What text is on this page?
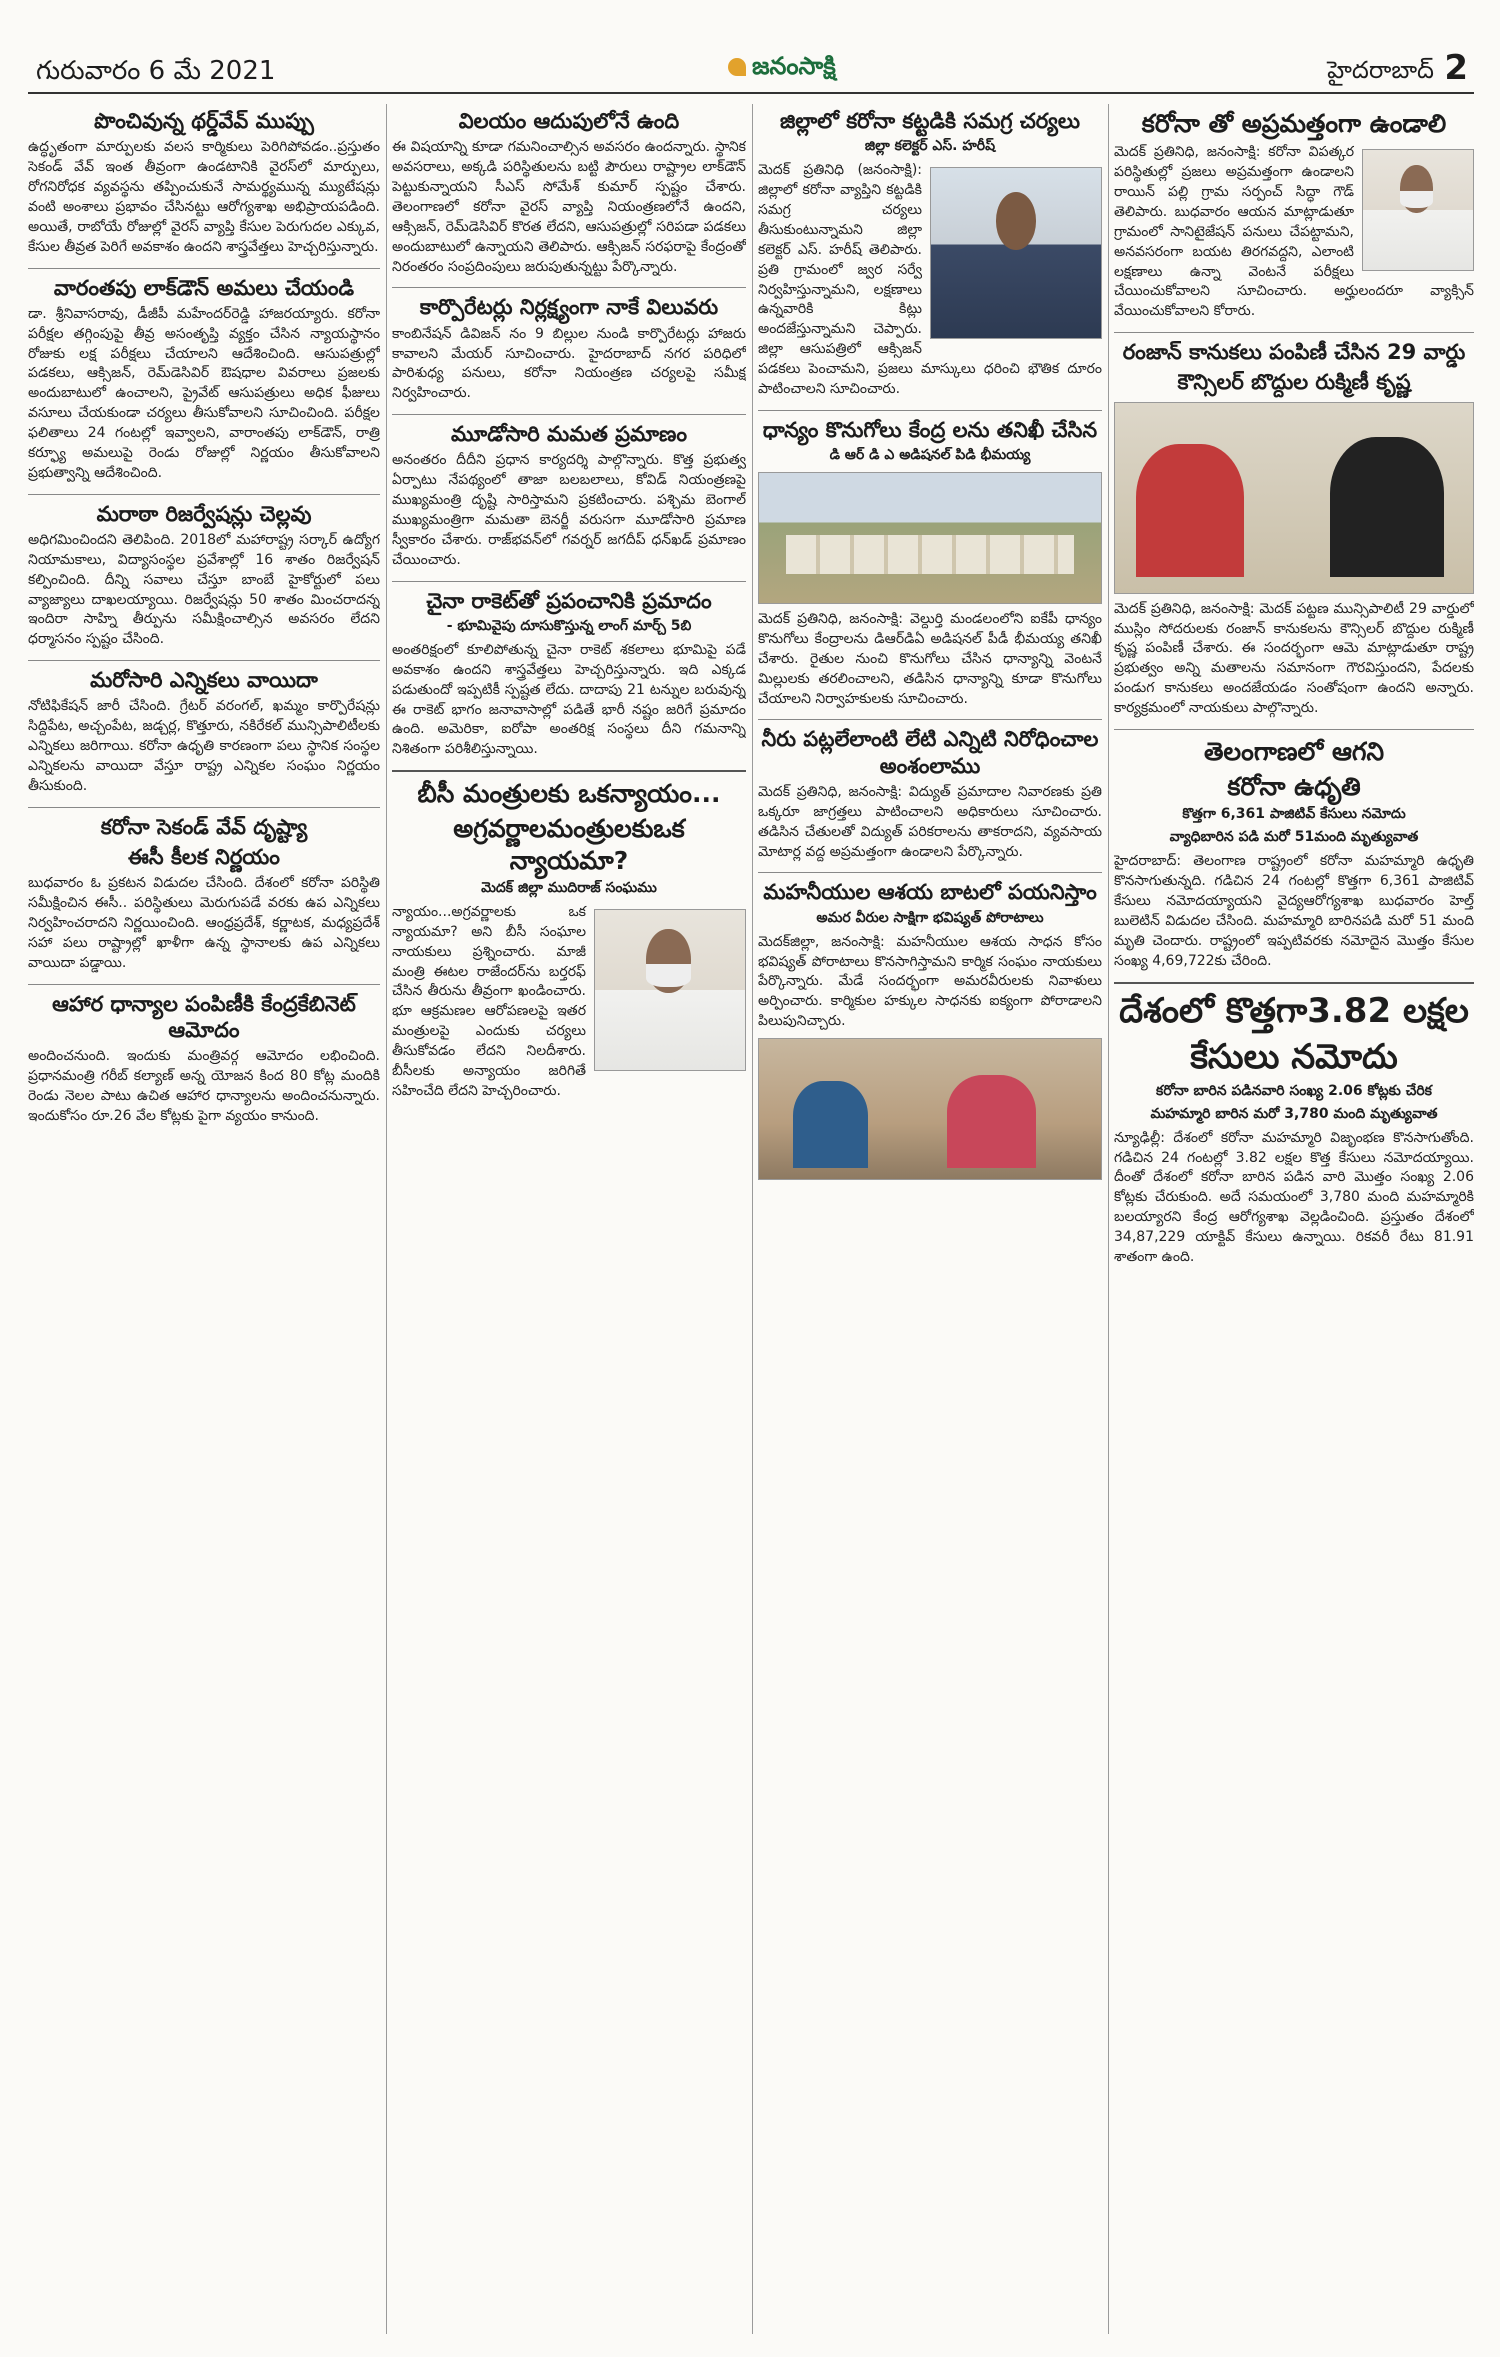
గురువారం 6 మే 2021	జనంసాక్షి	హైదరాబాద్ 2
పొంచివున్న థర్డ్‌వేవ్ ముప్పు

ఉద్ధృతంగా మార్పులకు వలస కార్మికులు పెరిగిపోవడం..ప్రస్తుతం సెకండ్ వేవ్ ఇంత తీవ్రంగా ఉండటానికి వైరస్‌లో మార్పులు, రోగనిరోధక వ్యవస్థను తప్పించుకునే సామర్థ్యమున్న మ్యుటేషన్లు వంటి అంశాలు ప్రభావం చేసినట్టు ఆరోగ్యశాఖ అభిప్రాయపడింది. అయితే, రాబోయే రోజుల్లో వైరస్ వ్యాప్తి కేసుల పెరుగుదల ఎక్కువ, కేసుల తీవ్రత పెరిగే అవకాశం ఉందని శాస్త్రవేత్తలు హెచ్చరిస్తున్నారు.

వారంతపు లాక్‌డౌన్ అమలు చేయండి

డా. శ్రీనివాసరావు, డీజీపీ మహేందర్‌రెడ్డి హాజరయ్యారు. కరోనా పరీక్షల తగ్గింపుపై తీవ్ర అసంతృప్తి వ్యక్తం చేసిన న్యాయస్థానం రోజుకు లక్ష పరీక్షలు చేయాలని ఆదేశించింది. ఆసుపత్రుల్లో పడకలు, ఆక్సిజన్‌, రెమ్‌డెసివిర్‌ ఔషధాల వివరాలు ప్రజలకు అందుబాటులో ఉంచాలని, ప్రైవేట్ ఆసుపత్రులు అధిక ఫీజులు వసూలు చేయకుండా చర్యలు తీసుకోవాలని సూచించింది. పరీక్షల ఫలితాలు 24 గంటల్లో ఇవ్వాలని, వారాంతపు లాక్‌డౌన్‌, రాత్రి కర్ఫ్యూ అమలుపై రెండు రోజుల్లో నిర్ణయం తీసుకోవాలని ప్రభుత్వాన్ని ఆదేశించింది.

మరాఠా రిజర్వేషన్లు చెల్లవు

అధిగమించిందని తెలిపింది. 2018లో మహారాష్ట్ర సర్కార్‌ ఉద్యోగ నియామకాలు, విద్యాసంస్థల ప్రవేశాల్లో 16 శాతం రిజర్వేషన్ కల్పించింది. దీన్ని సవాలు చేస్తూ బాంబే హైకోర్టులో పలు వ్యాజ్యాలు దాఖలయ్యాయి. రిజర్వేషన్లు 50 శాతం మించరాదన్న ఇందిరా సాహ్ని తీర్పును సమీక్షించాల్సిన అవసరం లేదని ధర్మాసనం స్పష్టం చేసింది.

మరోసారి ఎన్నికలు వాయిదా

నోటిఫికేషన్ జారీ చేసింది. గ్రేటర్ వరంగల్, ఖమ్మం కార్పొరేషన్లు సిద్దిపేట, అచ్చంపేట, జడ్చర్ల, కొత్తూరు, నకిరేకల్ మున్సిపాలిటీలకు ఎన్నికలు జరిగాయి. కరోనా ఉధృతి కారణంగా పలు స్థానిక సంస్థల ఎన్నికలను వాయిదా వేస్తూ రాష్ట్ర ఎన్నికల సంఘం నిర్ణయం తీసుకుంది.

కరోనా సెకండ్ వేవ్ దృష్ట్యా
ఈసీ కీలక నిర్ణయం

బుధవారం ఓ ప్రకటన విడుదల చేసింది. దేశంలో కరోనా పరిస్థితి సమీక్షించిన ఈసీ.. పరిస్థితులు మెరుగుపడే వరకు ఉప ఎన్నికలు నిర్వహించరాదని నిర్ణయించింది. ఆంధ్రప్రదేశ్‌, కర్ణాటక, మధ్యప్రదేశ్‌ సహా పలు రాష్ట్రాల్లో ఖాళీగా ఉన్న స్థానాలకు ఉప ఎన్నికలు వాయిదా పడ్డాయి.

ఆహార ధాన్యాల పంపిణీకి కేంద్రకేబినెట్ ఆమోదం

అందించనుంది. ఇందుకు మంత్రివర్గ ఆమోదం లభించింది. ప్రధానమంత్రి గరీబ్ కల్యాణ్ అన్న యోజన కింద 80 కోట్ల మందికి రెండు నెలల పాటు ఉచిత ఆహార ధాన్యాలను అందించనున్నారు. ఇందుకోసం రూ.26 వేల కోట్లకు పైగా వ్యయం కానుంది.

విలయం ఆదుపులోనే ఉంది

ఈ విషయాన్ని కూడా గమనించాల్సిన అవసరం ఉందన్నారు. స్థానిక అవసరాలు, అక్కడి పరిస్థితులను బట్టి పౌరులు రాష్ట్రాల లాక్‌డౌన్ పెట్టుకున్నాయని సీఎస్ సోమేశ్ కుమార్ స్పష్టం చేశారు. తెలంగాణలో కరోనా వైరస్ వ్యాప్తి నియంత్రణలోనే ఉందని, ఆక్సిజన్‌, రెమ్‌డెసివిర్ కొరత లేదని, ఆసుపత్రుల్లో సరిపడా పడకలు అందుబాటులో ఉన్నాయని తెలిపారు. ఆక్సిజన్ సరఫరాపై కేంద్రంతో నిరంతరం సంప్రదింపులు జరుపుతున్నట్టు పేర్కొన్నారు.

కార్పొరేటర్లు నిర్లక్ష్యంగా నాకే విలువరు

కాంబినేషన్ డివిజన్ నం 9 బిల్లుల నుండి కార్పొరేటర్లు హాజరు కావాలని మేయర్ సూచించారు. హైదరాబాద్ నగర పరిధిలో పారిశుధ్య పనులు, కరోనా నియంత్రణ చర్యలపై సమీక్ష నిర్వహించారు.

మూడోసారి మమత ప్రమాణం

అనంతరం దీదీని ప్రధాన కార్యదర్శి పాల్గొన్నారు. కొత్త ప్రభుత్వ ఏర్పాటు నేపథ్యంలో తాజా బలబలాలు, కోవిడ్ నియంత్రణపై ముఖ్యమంత్రి దృష్టి సారిస్తామని ప్రకటించారు. పశ్చిమ బెంగాల్ ముఖ్యమంత్రిగా మమతా బెనర్జీ వరుసగా మూడోసారి ప్రమాణ స్వీకారం చేశారు. రాజ్‌భవన్‌లో గవర్నర్ జగదీప్ ధన్‌ఖడ్ ప్రమాణం చేయించారు.

చైనా రాకెట్‌తో ప్రపంచానికి ప్రమాదం
- భూమివైపు దూసుకొస్తున్న లాంగ్ మార్చ్ 5బి

అంతరిక్షంలో కూలిపోతున్న చైనా రాకెట్ శకలాలు భూమిపై పడే అవకాశం ఉందని శాస్త్రవేత్తలు హెచ్చరిస్తున్నారు. ఇది ఎక్కడ పడుతుందో ఇప్పటికీ స్పష్టత లేదు. దాదాపు 21 టన్నుల బరువున్న ఈ రాకెట్ భాగం జనావాసాల్లో పడితే భారీ నష్టం జరిగే ప్రమాదం ఉంది. అమెరికా, ఐరోపా అంతరిక్ష సంస్థలు దీని గమనాన్ని నిశితంగా పరిశీలిస్తున్నాయి.

బీసీ మంత్రులకు ఒకన్యాయం...
అగ్రవర్ణాలమంత్రులకుఒక న్యాయమా?
మెదక్ జిల్లా ముదిరాజ్ సంఘము

న్యాయం...అగ్రవర్ణాలకు ఒక న్యాయమా? అని బీసీ సంఘాల నాయకులు ప్రశ్నించారు. మాజీ మంత్రి ఈటల రాజేందర్‌ను బర్తరఫ్ చేసిన తీరును తీవ్రంగా ఖండించారు. భూ ఆక్రమణల ఆరోపణలపై ఇతర మంత్రులపై ఎందుకు చర్యలు తీసుకోవడం లేదని నిలదీశారు. బీసీలకు అన్యాయం జరిగితే సహించేది లేదని హెచ్చరించారు.

జిల్లాలో కరోనా కట్టడికి సమగ్ర చర్యలు
జిల్లా కలెక్టర్ ఎస్. హరీష్

మెదక్ ప్రతినిధి (జనంసాక్షి): జిల్లాలో కరోనా వ్యాప్తిని కట్టడికి సమగ్ర చర్యలు తీసుకుంటున్నామని జిల్లా కలెక్టర్ ఎస్. హరీష్ తెలిపారు. ప్రతి గ్రామంలో జ్వర సర్వే నిర్వహిస్తున్నామని, లక్షణాలు ఉన్నవారికి కిట్లు అందజేస్తున్నామని చెప్పారు. జిల్లా ఆసుపత్రిలో ఆక్సిజన్ పడకలు పెంచామని, ప్రజలు మాస్కులు ధరించి భౌతిక దూరం పాటించాలని సూచించారు.

ధాన్యం కొనుగోలు కేంద్ర లను తనిఖీ చేసిన
డి ఆర్ డి ఎ అడిషనల్ పిడి భీమయ్య

మెదక్ ప్రతినిధి, జనంసాక్షి: వెల్దుర్తి మండలంలోని ఐకేపీ ధాన్యం కొనుగోలు కేంద్రాలను డిఆర్‌డిఏ అడిషనల్ పీడీ భీమయ్య తనిఖీ చేశారు. రైతుల నుంచి కొనుగోలు చేసిన ధాన్యాన్ని వెంటనే మిల్లులకు తరలించాలని, తడిసిన ధాన్యాన్ని కూడా కొనుగోలు చేయాలని నిర్వాహకులకు సూచించారు.

నీరు పట్లలేలాంటి లేటి ఎన్నిటి నిరోధించాల అంశంలాము

మెదక్ ప్రతినిధి, జనంసాక్షి: విద్యుత్ ప్రమాదాల నివారణకు ప్రతి ఒక్కరూ జాగ్రత్తలు పాటించాలని అధికారులు సూచించారు. తడిసిన చేతులతో విద్యుత్ పరికరాలను తాకరాదని, వ్యవసాయ మోటార్ల వద్ద అప్రమత్తంగా ఉండాలని పేర్కొన్నారు.

మహనీయుల ఆశయ బాటలో పయనిస్తాం
అమర వీరుల సాక్షిగా భవిష్యత్ పోరాటాలు

మెదక్‌జిల్లా, జనంసాక్షి: మహనీయుల ఆశయ సాధన కోసం భవిష్యత్ పోరాటాలు కొనసాగిస్తామని కార్మిక సంఘం నాయకులు పేర్కొన్నారు. మేడే సందర్భంగా అమరవీరులకు నివాళులు అర్పించారు. కార్మికుల హక్కుల సాధనకు ఐక్యంగా పోరాడాలని పిలుపునిచ్చారు.

కరోనా తో అప్రమత్తంగా ఉండాలి

మెదక్ ప్రతినిధి, జనంసాక్షి: కరోనా విపత్కర పరిస్థితుల్లో ప్రజలు అప్రమత్తంగా ఉండాలని రాయిన్ పల్లి గ్రామ సర్పంచ్ సిద్ధా గౌడ్ తెలిపారు. బుధవారం ఆయన మాట్లాడుతూ గ్రామంలో సానిటైజేషన్ పనులు చేపట్టామని, అనవసరంగా బయట తిరగవద్దని, ఎలాంటి లక్షణాలు ఉన్నా వెంటనే పరీక్షలు చేయించుకోవాలని సూచించారు. అర్హులందరూ వ్యాక్సిన్ వేయించుకోవాలని కోరారు.

రంజాన్ కానుకలు పంపిణీ చేసిన 29 వార్డు
కౌన్సిలర్ బొద్దుల రుక్మిణీ కృష్ణ

మెదక్ ప్రతినిధి, జనంసాక్షి: మెదక్ పట్టణ మున్సిపాలిటీ 29 వార్డులో ముస్లిం సోదరులకు రంజాన్ కానుకలను కౌన్సిలర్ బొద్దుల రుక్మిణీ కృష్ణ పంపిణీ చేశారు. ఈ సందర్భంగా ఆమె మాట్లాడుతూ రాష్ట్ర ప్రభుత్వం అన్ని మతాలను సమానంగా గౌరవిస్తుందని, పేదలకు పండుగ కానుకలు అందజేయడం సంతోషంగా ఉందని అన్నారు. కార్యక్రమంలో నాయకులు పాల్గొన్నారు.

తెలంగాణలో ఆగని
కరోనా ఉధృతి
కొత్తగా 6,361 పాజిటివ్ కేసులు నమోదు
వ్యాధిబారిన పడి మరో 51మంది మృత్యువాత

హైదరాబాద్: తెలంగాణ రాష్ట్రంలో కరోనా మహమ్మారి ఉధృతి కొనసాగుతున్నది. గడిచిన 24 గంటల్లో కొత్తగా 6,361 పాజిటివ్ కేసులు నమోదయ్యాయని వైద్యఆరోగ్యశాఖ బుధవారం హెల్త్ బులెటిన్ విడుదల చేసింది. మహమ్మారి బారినపడి మరో 51 మంది మృతి చెందారు. రాష్ట్రంలో ఇప్పటివరకు నమోదైన మొత్తం కేసుల సంఖ్య 4,69,722కు చేరింది.

దేశంలో కొత్తగా3.82 లక్షల
కేసులు నమోదు
కరోనా బారిన పడినవారి సంఖ్య 2.06 కోట్లకు చేరిక
మహమ్మారి బారిన మరో 3,780 మంది మృత్యువాత

న్యూఢిల్లీ: దేశంలో కరోనా మహమ్మారి విజృంభణ కొనసాగుతోంది. గడిచిన 24 గంటల్లో 3.82 లక్షల కొత్త కేసులు నమోదయ్యాయి. దీంతో దేశంలో కరోనా బారిన పడిన వారి మొత్తం సంఖ్య 2.06 కోట్లకు చేరుకుంది. అదే సమయంలో 3,780 మంది మహమ్మారికి బలయ్యారని కేంద్ర ఆరోగ్యశాఖ వెల్లడించింది. ప్రస్తుతం దేశంలో 34,87,229 యాక్టివ్ కేసులు ఉన్నాయి. రికవరీ రేటు 81.91 శాతంగా ఉంది.
